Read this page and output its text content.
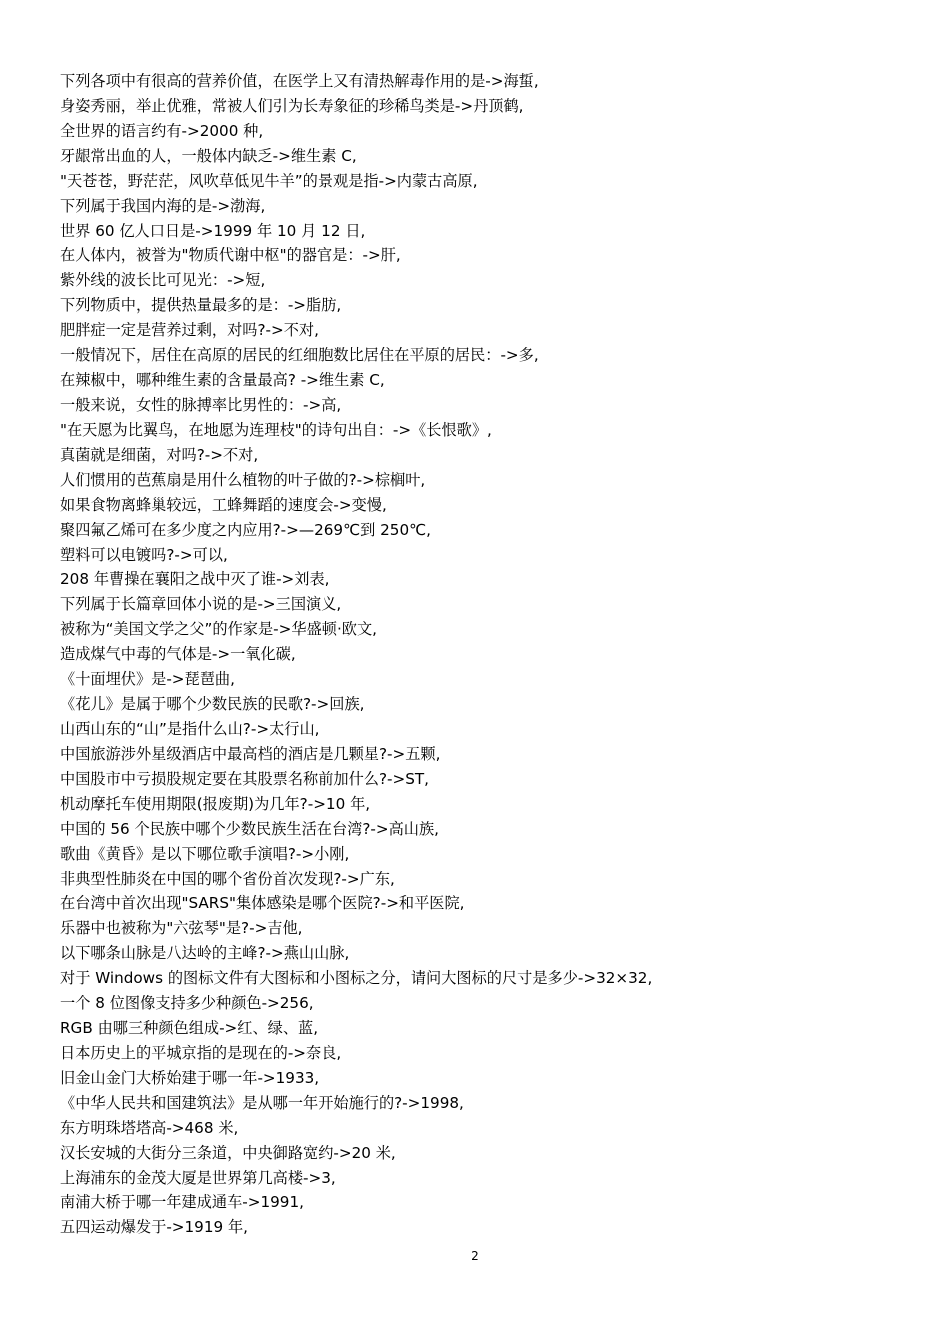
下列各项中有很高的营养价值，在医学上又有清热解毒作用的是->海蜇,
身姿秀丽，举止优雅，常被人们引为长寿象征的珍稀鸟类是->丹顶鹤,
全世界的语言约有->2000 种,
牙龈常出血的人，一般体内缺乏->维生素 C,
"天苍苍，野茫茫，风吹草低见牛羊”的景观是指->内蒙古高原,
下列属于我国内海的是->渤海,
世界 60 亿人口日是->1999 年 10 月 12 日,
在人体内，被誉为"物质代谢中枢"的器官是：->肝,
紫外线的波长比可见光：->短,
下列物质中，提供热量最多的是：->脂肪,
肥胖症一定是营养过剩，对吗?->不对,
一般情况下，居住在高原的居民的红细胞数比居住在平原的居民：->多,
在辣椒中，哪种维生素的含量最高? ->维生素 C,
一般来说，女性的脉搏率比男性的：->高,
"在天愿为比翼鸟，在地愿为连理枝"的诗句出自：->《长恨歌》,
真菌就是细菌，对吗?->不对,
人们惯用的芭蕉扇是用什么植物的叶子做的?->棕榈叶,
如果食物离蜂巢较远，工蜂舞蹈的速度会->变慢,
聚四氟乙烯可在多少度之内应用?->—269℃到 250℃,
塑料可以电镀吗?->可以,
208 年曹操在襄阳之战中灭了谁->刘表,
下列属于长篇章回体小说的是->三国演义,
被称为“美国文学之父”的作家是->华盛顿·欧文,
造成煤气中毒的气体是->一氧化碳,
《十面埋伏》是->琵琶曲,
《花儿》是属于哪个少数民族的民歌?->回族,
山西山东的“山”是指什么山?->太行山,
中国旅游涉外星级酒店中最高档的酒店是几颗星?->五颗,
中国股市中亏损股规定要在其股票名称前加什么?->ST,
机动摩托车使用期限(报废期)为几年?->10 年,
中国的 56 个民族中哪个少数民族生活在台湾?->高山族,
歌曲《黄昏》是以下哪位歌手演唱?->小刚,
非典型性肺炎在中国的哪个省份首次发现?->广东,
在台湾中首次出现"SARS"集体感染是哪个医院?->和平医院,
乐器中也被称为"六弦琴"是?->吉他,
以下哪条山脉是八达岭的主峰?->燕山山脉,
对于 Windows 的图标文件有大图标和小图标之分，请问大图标的尺寸是多少->32×32,
一个 8 位图像支持多少种颜色->256,
RGB 由哪三种颜色组成->红、绿、蓝,
日本历史上的平城京指的是现在的->奈良,
旧金山金门大桥始建于哪一年->1933,
《中华人民共和国建筑法》是从哪一年开始施行的?->1998,
东方明珠塔塔高->468 米,
汉长安城的大街分三条道，中央御路宽约->20 米,
上海浦东的金茂大厦是世界第几高楼->3,
南浦大桥于哪一年建成通车->1991,
五四运动爆发于->1919 年,
2
